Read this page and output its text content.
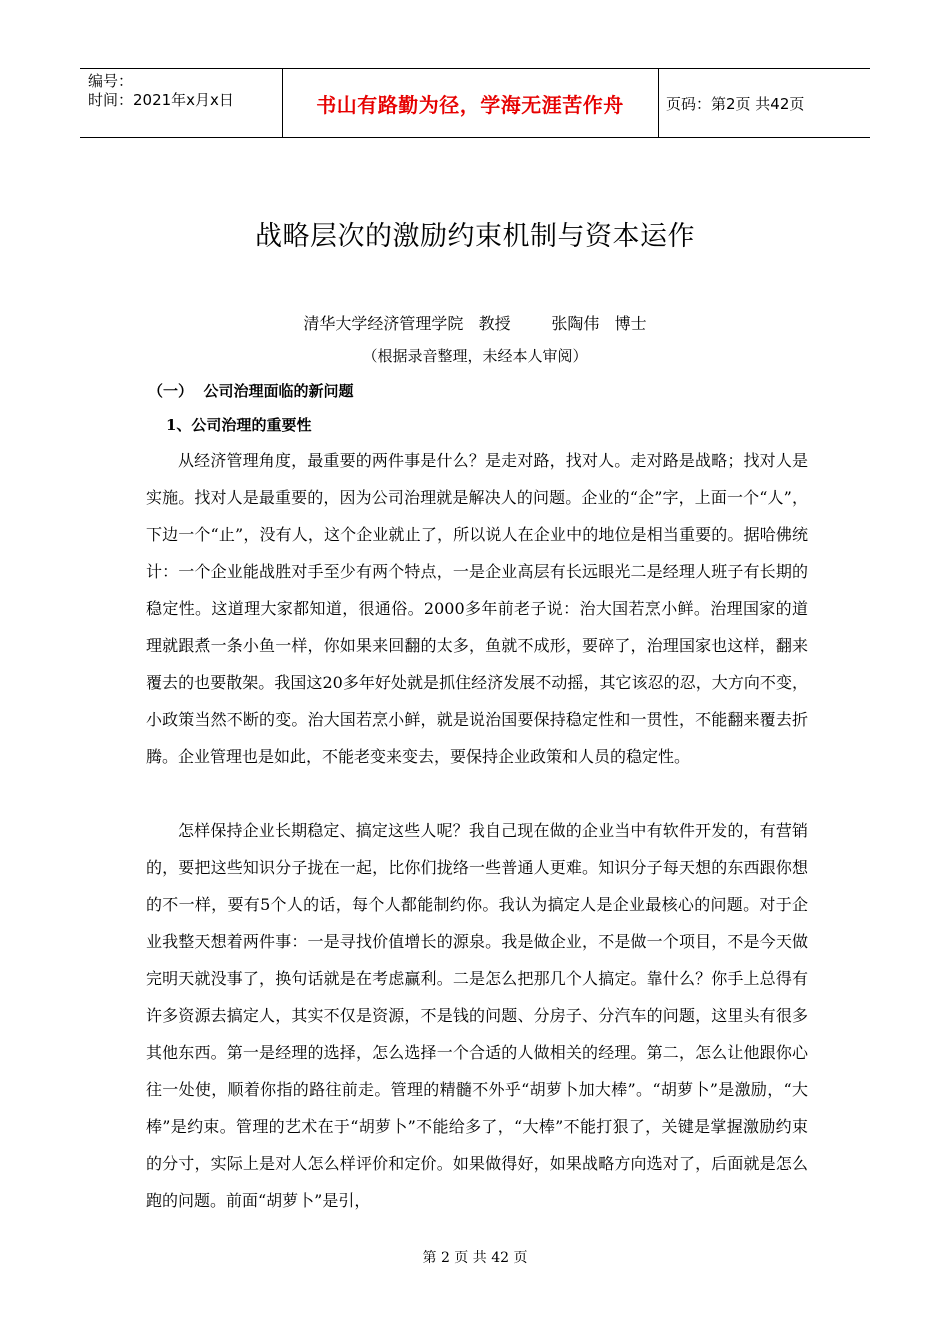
编号：
时间：2021年x月x日	书山有路勤为径，学海无涯苦作舟	页码：第2页 共42页
战略层次的激励约束机制与资本运作
清华大学经济管理学院   教授        张陶伟   博士
（根据录音整理，未经本人审阅）
（一）  公司治理面临的新问题
1、公司治理的重要性

从经济管理角度，最重要的两件事是什么？是走对路，找对人。走对路是战略；找对人是实施。找对人是最重要的，因为公司治理就是解决人的问题。企业的“企”字，上面一个“人”，下边一个“止”，没有人，这个企业就止了，所以说人在企业中的地位是相当重要的。据哈佛统计：一个企业能战胜对手至少有两个特点，一是企业高层有长远眼光二是经理人班子有长期的稳定性。这道理大家都知道，很通俗。2000多年前老子说：治大国若烹小鲜。治理国家的道理就跟煮一条小鱼一样，你如果来回翻的太多，鱼就不成形，要碎了，治理国家也这样，翻来覆去的也要散架。我国这20多年好处就是抓住经济发展不动摇，其它该忍的忍，大方向不变，小政策当然不断的变。治大国若烹小鲜，就是说治国要保持稳定性和一贯性，不能翻来覆去折腾。企业管理也是如此，不能老变来变去，要保持企业政策和人员的稳定性。

怎样保持企业长期稳定、搞定这些人呢？我自己现在做的企业当中有软件开发的，有营销的，要把这些知识分子拢在一起，比你们拢络一些普通人更难。知识分子每天想的东西跟你想的不一样，要有5个人的话，每个人都能制约你。我认为搞定人是企业最核心的问题。对于企业我整天想着两件事：一是寻找价值增长的源泉。我是做企业，不是做一个项目，不是今天做完明天就没事了，换句话就是在考虑赢利。二是怎么把那几个人搞定。靠什么？你手上总得有许多资源去搞定人，其实不仅是资源，不是钱的问题、分房子、分汽车的问题，这里头有很多其他东西。第一是经理的选择，怎么选择一个合适的人做相关的经理。第二，怎么让他跟你心往一处使，顺着你指的路往前走。管理的精髓不外乎“胡萝卜加大棒”。“胡萝卜”是激励，“大棒”是约束。管理的艺术在于“胡萝卜”不能给多了，“大棒”不能打狠了，关键是掌握激励约束的分寸，实际上是对人怎么样评价和定价。如果做得好，如果战略方向选对了，后面就是怎么跑的问题。前面“胡萝卜”是引，

第 2 页 共 42 页
